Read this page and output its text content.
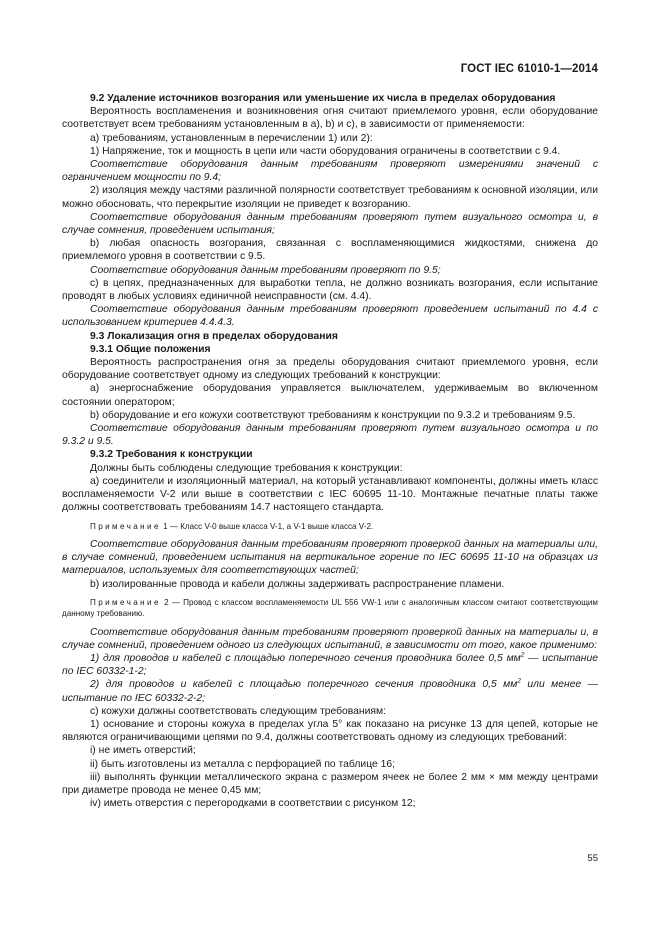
ГОСТ IEC 61010-1—2014

9.2 Удаление источников возгорания или уменьшение их числа в пределах оборудования

Вероятность воспламенения и возникновения огня считают приемлемого уровня, если оборудование соответствует всем требованиям установленным в а), b) и с), в зависимости от применяемости:

a) требованиям, установленным в перечислении 1) или 2):

1) Напряжение, ток и мощность в цепи или части оборудования ограничены в соответствии с 9.4.

Соответствие оборудования данным требованиям проверяют измерениями значений с ограничением мощности по 9.4;

2) изоляция между частями различной полярности соответствует требованиям к основной изоляции, или можно обосновать, что перекрытие изоляции не приведет к возгоранию.

Соответствие оборудования данным требованиям проверяют путем визуального осмотра и, в случае сомнения, проведением испытания;

b) любая опасность возгорания, связанная с воспламеняющимися жидкостями, снижена до приемлемого уровня в соответствии с 9.5.

Соответствие оборудования данным требованиям проверяют по 9.5;

c) в цепях, предназначенных для выработки тепла, не должно возникать возгорания, если испытание проводят в любых условиях единичной неисправности (см. 4.4).

Соответствие оборудования данным требованиям проверяют проведением испытаний по 4.4 с использованием критериев 4.4.4.3.

9.3 Локализация огня в пределах оборудования

9.3.1 Общие положения

Вероятность распространения огня за пределы оборудования считают приемлемого уровня, если оборудование соответствует одному из следующих требований к конструкции:

a) энергоснабжение оборудования управляется выключателем, удерживаемым во включенном состоянии оператором;

b) оборудование и его кожухи соответствуют требованиям к конструкции по 9.3.2 и требованиям 9.5.

Соответствие оборудования данным требованиям проверяют путем визуального осмотра и по 9.3.2 и 9.5.

9.3.2 Требования к конструкции

Должны быть соблюдены следующие требования к конструкции:

a) соединители и изоляционный материал, на который устанавливают компоненты, должны иметь класс воспламеняемости V-2 или выше в соответствии с IEC 60695 11-10. Монтажные печатные платы также должны соответствовать требованиям 14.7 настоящего стандарта.

Примечание 1 — Класс V-0 выше класса V-1, а V-1 выше класса V-2.

Соответствие оборудования данным требованиям проверяют проверкой данных на материалы или, в случае сомнений, проведением испытания на вертикальное горение по IEC 60695 11-10 на образцах из материалов, используемых для соответствующих частей;

b) изолированные провода и кабели должны задерживать распространение пламени.

Примечание 2 — Провод с классом воспламеняемости UL 556 VW-1 или с аналогичным классом считают соответствующим данному требованию.

Соответствие оборудования данным требованиям проверяют проверкой данных на материалы и, в случае сомнений, проведением одного из следующих испытаний, в зависимости от того, какое применимо:

1) для проводов и кабелей с площадью поперечного сечения проводника более 0,5 $мм^2$ — испытание по IEC 60332-1-2;

2) для проводов и кабелей с площадью поперечного сечения проводника 0,5 $мм^2$ или менее — испытание по IEC 60332-2-2;

c) кожухи должны соответствовать следующим требованиям:

1) основание и стороны кожуха в пределах угла 5° как показано на рисунке 13 для цепей, которые не являются ограничивающими цепями по 9.4, должны соответствовать одному из следующих требований:

i) не иметь отверстий;

ii) быть изготовлены из металла с перфорацией по таблице 16;

iii) выполнять функции металлического экрана с размером ячеек не более 2 мм × мм между центрами при диаметре провода не менее 0,45 мм;

iv) иметь отверстия с перегородками в соответствии с рисунком 12;

55
